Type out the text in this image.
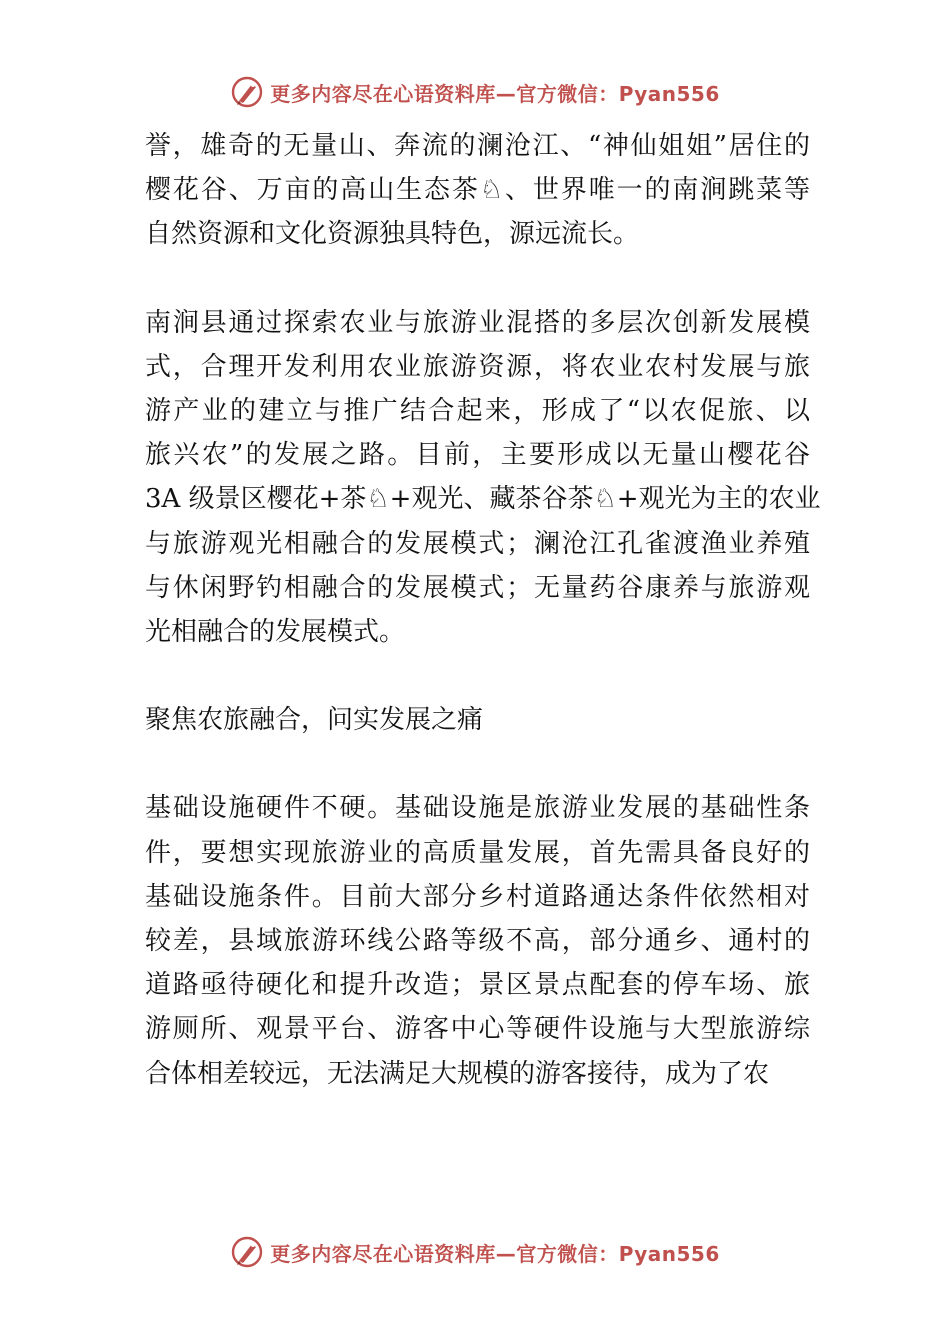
更多内容尽在心语资料库—官方微信：Pyan556
誉，雄奇的无量山、奔流的澜沧江、“神仙姐姐”居住的
樱花谷、万亩的高山生态茶♘、世界唯一的南涧跳菜等
自然资源和文化资源独具特色，源远流长。
南涧县通过探索农业与旅游业混搭的多层次创新发展模
式，合理开发利用农业旅游资源，将农业农村发展与旅
游产业的建立与推广结合起来，形成了“以农促旅、以
旅兴农”的发展之路。目前，主要形成以无量山樱花谷
3A 级景区樱花+茶♘+观光、藏茶谷茶♘+观光为主的农业
与旅游观光相融合的发展模式；澜沧江孔雀渡渔业养殖
与休闲野钓相融合的发展模式；无量药谷康养与旅游观
光相融合的发展模式。
聚焦农旅融合，问实发展之痛
基础设施硬件不硬。基础设施是旅游业发展的基础性条
件，要想实现旅游业的高质量发展，首先需具备良好的
基础设施条件。目前大部分乡村道路通达条件依然相对
较差，县域旅游环线公路等级不高，部分通乡、通村的
道路亟待硬化和提升改造；景区景点配套的停车场、旅
游厕所、观景平台、游客中心等硬件设施与大型旅游综
合体相差较远，无法满足大规模的游客接待，成为了农
更多内容尽在心语资料库—官方微信：Pyan556
